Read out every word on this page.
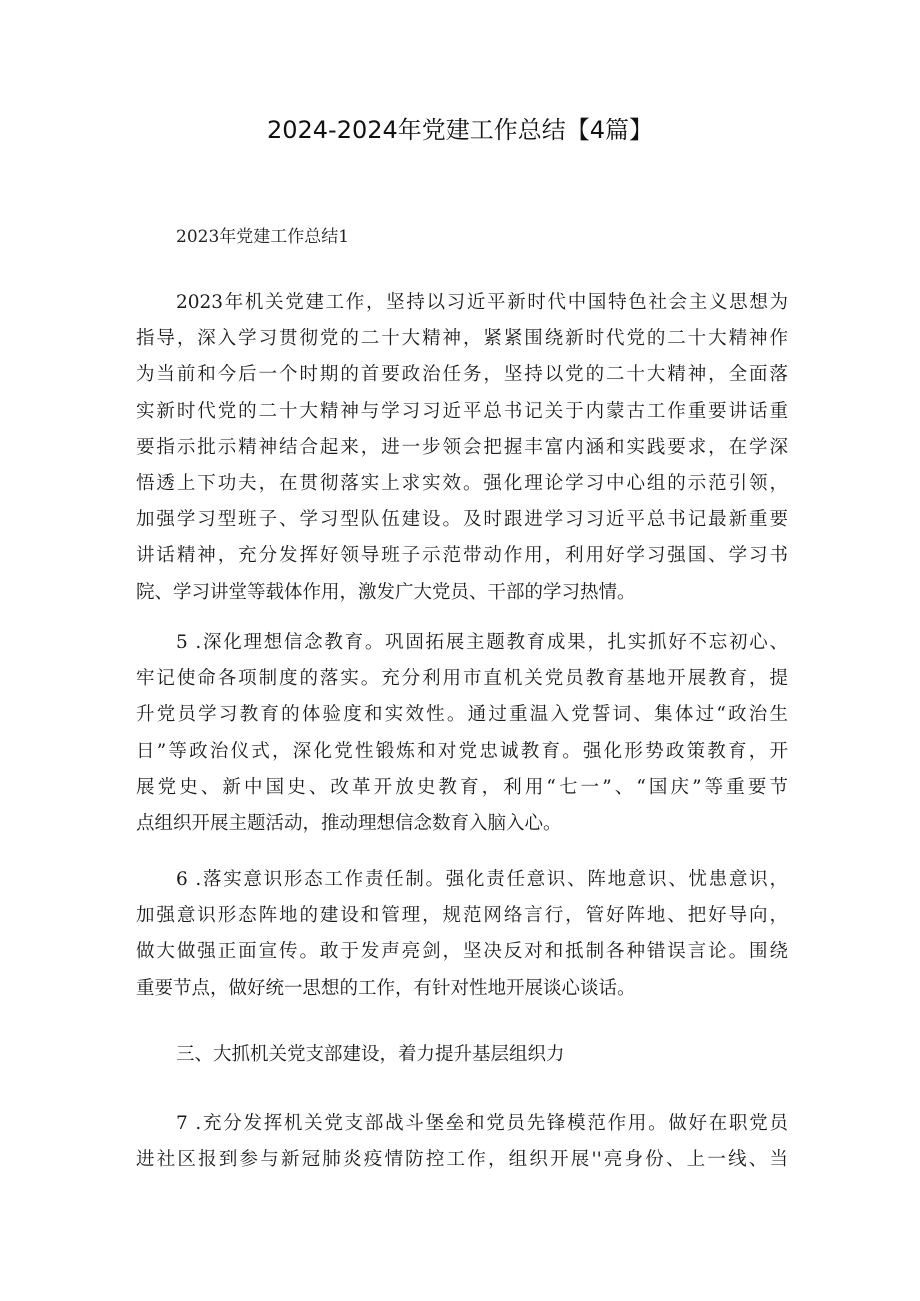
2024-2024年党建工作总结【4篇】

2023年党建工作总结1

2023年机关党建工作，坚持以习近平新时代中国特色社会主义思想为
指导，深入学习贯彻党的二十大精神，紧紧围绕新时代党的二十大精神作
为当前和今后一个时期的首要政治任务，坚持以党的二十大精神，全面落
实新时代党的二十大精神与学习习近平总书记关于内蒙古工作重要讲话重
要指示批示精神结合起来，进一步领会把握丰富内涵和实践要求，在学深
悟透上下功夫，在贯彻落实上求实效。强化理论学习中心组的示范引领，
加强学习型班子、学习型队伍建设。及时跟进学习习近平总书记最新重要
讲话精神，充分发挥好领导班子示范带动作用，利用好学习强国、学习书
院、学习讲堂等载体作用，激发广大党员、干部的学习热情。
5 .深化理想信念教育。巩固拓展主题教育成果，扎实抓好不忘初心、
牢记使命各项制度的落实。充分利用市直机关党员教育基地开展教育，提
升党员学习教育的体验度和实效性。通过重温入党誓词、集体过“政治生
日”等政治仪式，深化党性锻炼和对党忠诚教育。强化形势政策教育，开
展党史、新中国史、改革开放史教育，利用“七一”、“国庆”等重要节
点组织开展主题活动，推动理想信念数育入脑入心。
6 .落实意识形态工作责任制。强化责任意识、阵地意识、忧患意识，
加强意识形态阵地的建设和管理，规范网络言行，管好阵地、把好导向，
做大做强正面宣传。敢于发声亮剑，坚决反对和抵制各种错误言论。围绕
重要节点，做好统一思想的工作，有针对性地开展谈心谈话。
三、大抓机关党支部建设，着力提升基层组织力
7 .充分发挥机关党支部战斗堡垒和党员先锋模范作用。做好在职党员
进社区报到参与新冠肺炎疫情防控工作，组织开展''亮身份、上一线、当
